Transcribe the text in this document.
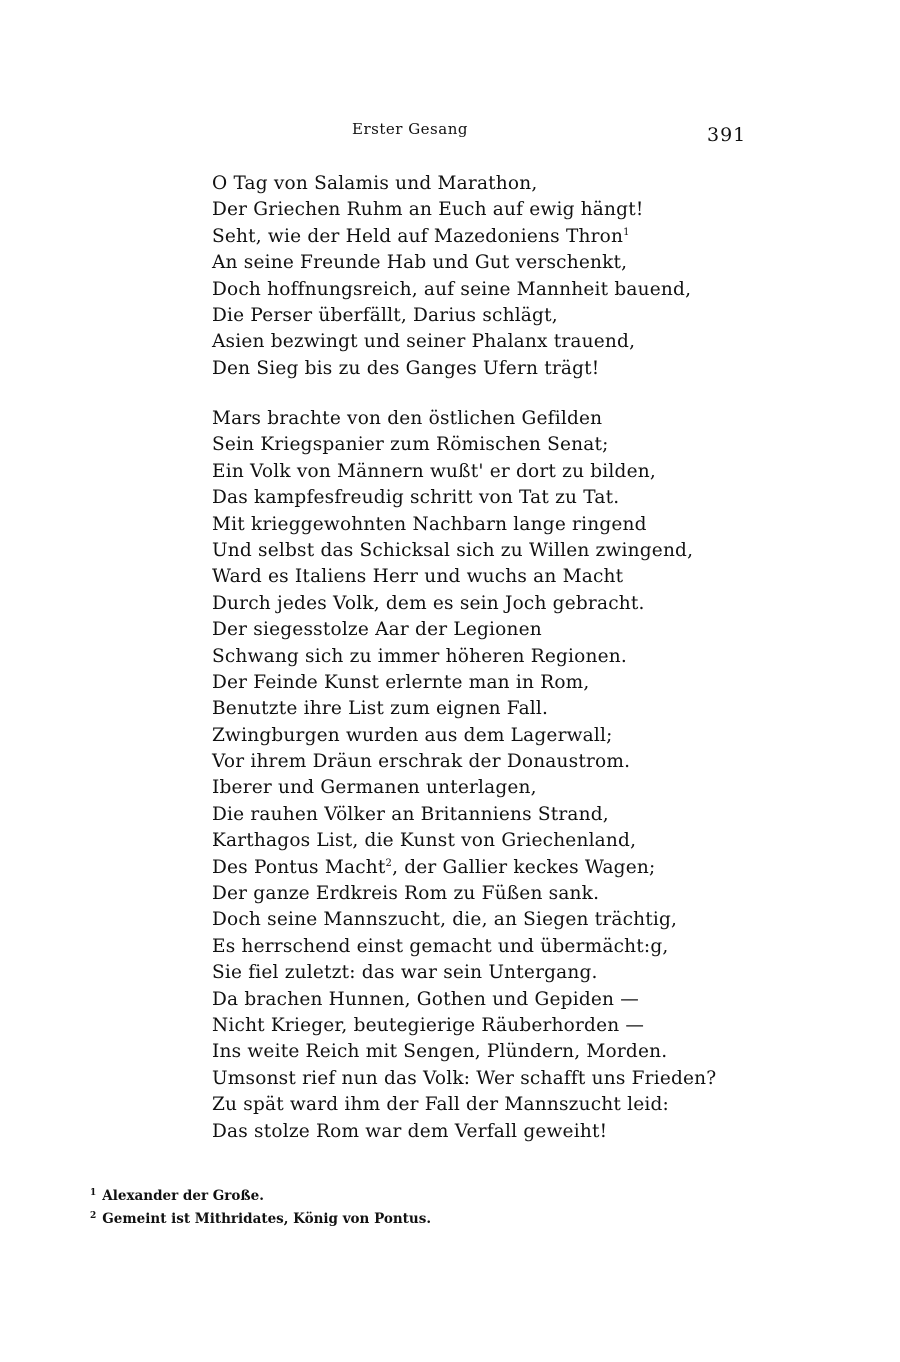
Erster Gesang	391
O Tag von Salamis und Marathon,
Der Griechen Ruhm an Euch auf ewig hängt!
Seht, wie der Held auf Mazedoniens Thron$^1$
An seine Freunde Hab und Gut verschenkt,
Doch hoffnungsreich, auf seine Mannheit bauend,
Die Perser überfällt, Darius schlägt,
Asien bezwingt und seiner Phalanx trauend,
Den Sieg bis zu des Ganges Ufern trägt!
Mars brachte von den östlichen Gefilden
Sein Kriegspanier zum Römischen Senat;
Ein Volk von Männern wußt' er dort zu bilden,
Das kampfesfreudig schritt von Tat zu Tat.
Mit krieggewohnten Nachbarn lange ringend
Und selbst das Schicksal sich zu Willen zwingend,
Ward es Italiens Herr und wuchs an Macht
Durch jedes Volk, dem es sein Joch gebracht.
Der siegesstolze Aar der Legionen
Schwang sich zu immer höheren Regionen.
Der Feinde Kunst erlernte man in Rom,
Benutzte ihre List zum eignen Fall.
Zwingburgen wurden aus dem Lagerwall;
Vor ihrem Dräun erschrak der Donaustrom.
Iberer und Germanen unterlagen,
Die rauhen Völker an Britanniens Strand,
Karthagos List, die Kunst von Griechenland,
Des Pontus Macht$^2$, der Gallier keckes Wagen;
Der ganze Erdkreis Rom zu Füßen sank.
Doch seine Mannszucht, die, an Siegen trächtig,
Es herrschend einst gemacht und übermächt:g,
Sie fiel zuletzt: das war sein Untergang.
Da brachen Hunnen, Gothen und Gepiden —
Nicht Krieger, beutegierige Räuberhorden —
Ins weite Reich mit Sengen, Plündern, Morden.
Umsonst rief nun das Volk: Wer schafft uns Frieden?
Zu spät ward ihm der Fall der Mannszucht leid:
Das stolze Rom war dem Verfall geweiht!
$^1$ Alexander der Große.
$^2$ Gemeint ist Mithridates, König von Pontus.
